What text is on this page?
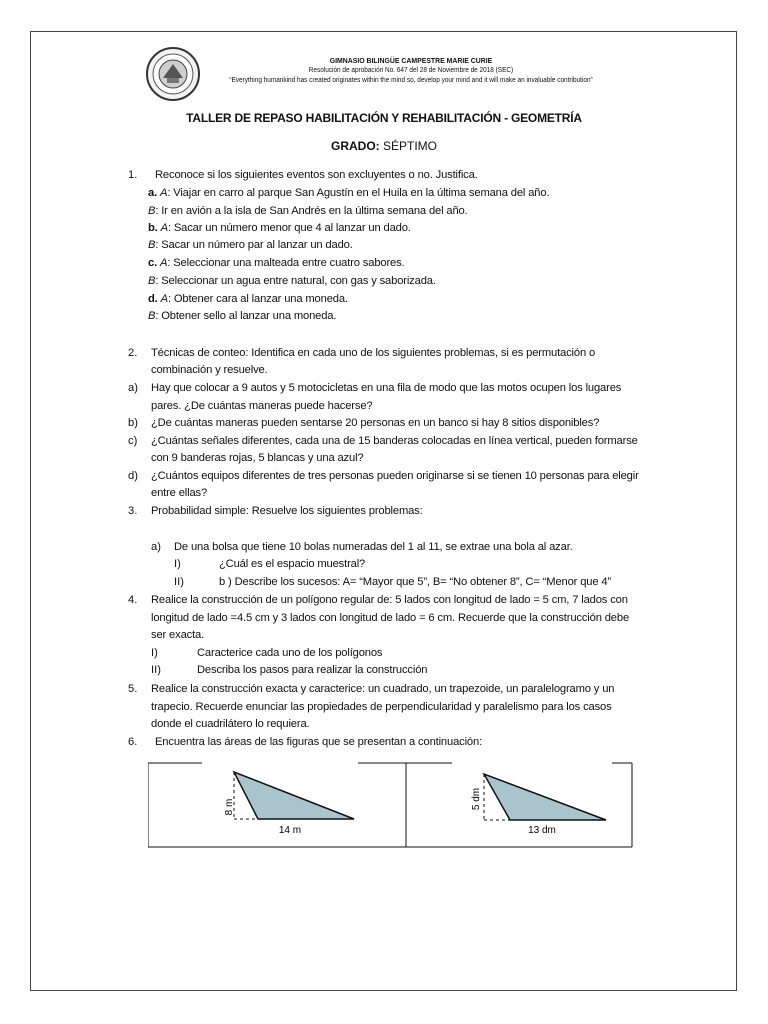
GIMNASIO BILINGÜE CAMPESTRE MARIE CURIE
Resolución de aprobación No. 647 del 28 de Noviembre de 2018 (SEC)
“Everything humankind has created originates within the mind so, develop your mind and it will make an invaluable contribution”
TALLER DE REPASO HABILITACIÓN Y REHABILITACIÓN - GEOMETRÍA
GRADO: SÉPTIMO
1. Reconoce si los siguientes eventos son excluyentes o no. Justifica.
a. A: Viajar en carro al parque San Agustín en el Huila en la última semana del año.
B: Ir en avión a la isla de San Andrés en la última semana del año.
b. A: Sacar un número menor que 4 al lanzar un dado.
B: Sacar un número par al lanzar un dado.
c. A: Seleccionar una malteada entre cuatro sabores.
B: Seleccionar un agua entre natural, con gas y saborizada.
d. A: Obtener cara al lanzar una moneda.
B: Obtener sello al lanzar una moneda.
2. Técnicas de conteo: Identifica en cada uno de los siguientes problemas, si es permutación o
combinación y resuelve.
a) Hay que colocar a 9 autos y 5 motocicletas en una fila de modo que las motos ocupen los lugares
pares. ¿De cuántas maneras puede hacerse?
b) ¿De cuántas maneras pueden sentarse 20 personas en un banco si hay 8 sitios disponibles?
c) ¿Cuántas señales diferentes, cada una de 15 banderas colocadas en línea vertical, pueden formarse
con 9 banderas rojas, 5 blancas y una azul?
d) ¿Cuántos equipos diferentes de tres personas pueden originarse si se tienen 10 personas para elegir
entre ellas?
3. Probabilidad simple: Resuelve los siguientes problemas:
a) De una bolsa que tiene 10 bolas numeradas del 1 al 11, se extrae una bola al azar.
I)	¿Cuál es el espacio muestral?
II)	b ) Describe los sucesos: A= “Mayor que 5”, B= “No obtener 8”, C= “Menor que 4”
4. Realice la construcción de un polígono regular de: 5 lados con longitud de lado = 5 cm, 7 lados con
longitud de lado =4.5 cm y 3 lados con longitud de lado = 6 cm. Recuerde que la construcción debe
ser exacta.
I)	Caracterice cada uno de los polígonos
II)	Describa los pasos para realizar la construcción
5. Realice la construcción exacta y caracterice: un cuadrado, un trapezoide, un paralelogramo y un
trapecio. Recuerde enunciar las propiedades de perpendicularidad y paralelismo para los casos
donde el cuadrilátero lo requiera.
6. Encuentra las áreas de las figuras que se presentan a continuación:
8 m
14 m
5 dm
13 dm
